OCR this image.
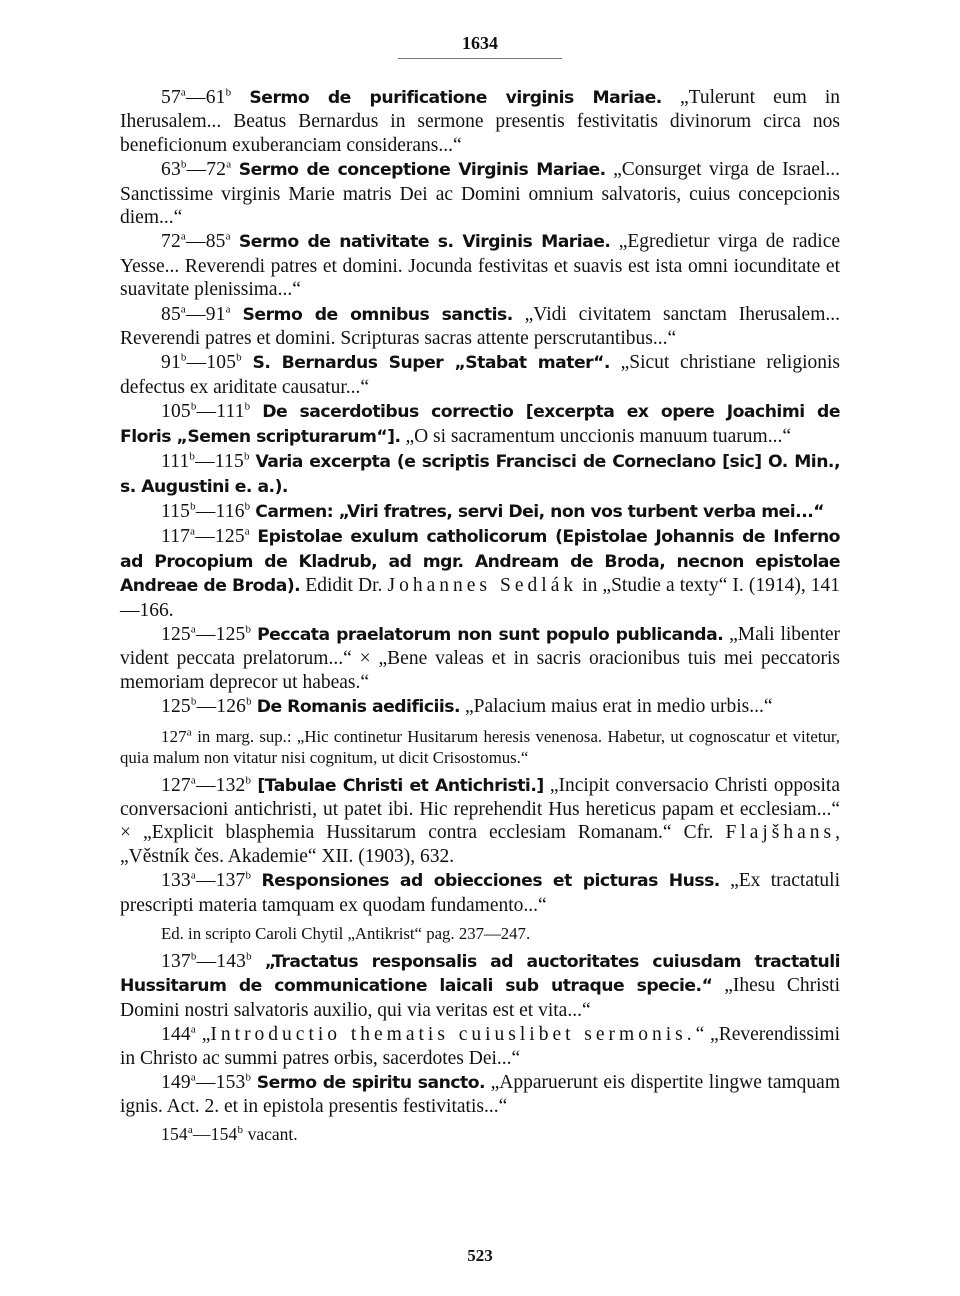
1634

57$^a$—61$^b$ Sermo de purificatione virginis Mariae. „Tulerunt eum in Iherusalem... Beatus Bernardus in sermone presentis festivitatis divinorum circa nos beneficionum exuberanciam considerans...“

63$^b$—72$^a$ Sermo de conceptione Virginis Mariae. „Consurget virga de Israel... Sanctissime virginis Marie matris Dei ac Domini omnium salvatoris, cuius concepcionis diem...“

72$^a$—85$^a$ Sermo de nativitate s. Virginis Mariae. „Egredietur virga de radice Yesse... Reverendi patres et domini. Jocunda festivitas et suavis est ista omni iocunditate et suavitate plenissima...“

85$^a$—91$^a$ Sermo de omnibus sanctis. „Vidi civitatem sanctam Iherusalem... Reverendi patres et domini. Scripturas sacras attente perscrutantibus...“

91$^b$—105$^b$ S. Bernardus Super „Stabat mater“. „Sicut christiane religionis defectus ex ariditate causatur...“

105$^b$—111$^b$ De sacerdotibus correctio [excerpta ex opere Joachimi de Floris „Semen scripturarum“]. „O si sacramentum unccionis manuum tuarum...“

111$^b$—115$^b$ Varia excerpta (e scriptis Francisci de Corneclano [sic] O. Min., s. Augustini e. a.).

115$^b$—116$^b$ Carmen: „Viri fratres, servi Dei, non vos turbent verba mei...“

117$^a$—125$^a$ Epistolae exulum catholicorum (Epistolae Johannis de Inferno ad Procopium de Kladrub, ad mgr. Andream de Broda, necnon epistolae Andreae de Broda). Edidit Dr. Johannes Sedlák in „Studie a texty“ I. (1914), 141—166.

125$^a$—125$^b$ Peccata praelatorum non sunt populo publicanda. „Mali libenter vident peccata prelatorum...“ × „Bene valeas et in sacris oracionibus tuis mei peccatoris memoriam deprecor ut habeas.“

125$^b$—126$^b$ De Romanis aedificiis. „Palacium maius erat in medio urbis...“

127$^a$ in marg. sup.: „Hic continetur Husitarum heresis venenosa. Habetur, ut cognoscatur et vitetur, quia malum non vitatur nisi cognitum, ut dicit Crisostomus.“

127$^a$—132$^b$ [Tabulae Christi et Antichristi.] „Incipit conversacio Christi opposita conversacioni antichristi, ut patet ibi. Hic reprehendit Hus hereticus papam et ecclesiam...“ × „Explicit blasphemia Hussitarum contra ecclesiam Romanam.“ Cfr. Flajšhans, „Věstník čes. Akademie“ XII. (1903), 632.

133$^a$—137$^b$ Responsiones ad obiecciones et picturas Huss. „Ex tractatuli prescripti materia tamquam ex quodam fundamento...“

Ed. in scripto Caroli Chytil „Antikrist“ pag. 237—247.

137$^b$—143$^b$ „Tractatus responsalis ad auctoritates cuiusdam tractatuli Hussitarum de communicatione laicali sub utraque specie.“ „Ihesu Christi Domini nostri salvatoris auxilio, qui via veritas est et vita...“

144$^a$ „Introductio thematis cuiuslibet sermonis.“ „Reverendissimi in Christo ac summi patres orbis, sacerdotes Dei...“

149$^a$—153$^b$ Sermo de spiritu sancto. „Apparuerunt eis dispertite lingwe tamquam ignis. Act. 2. et in epistola presentis festivitatis...“

154$^a$—154$^b$ vacant.

523
